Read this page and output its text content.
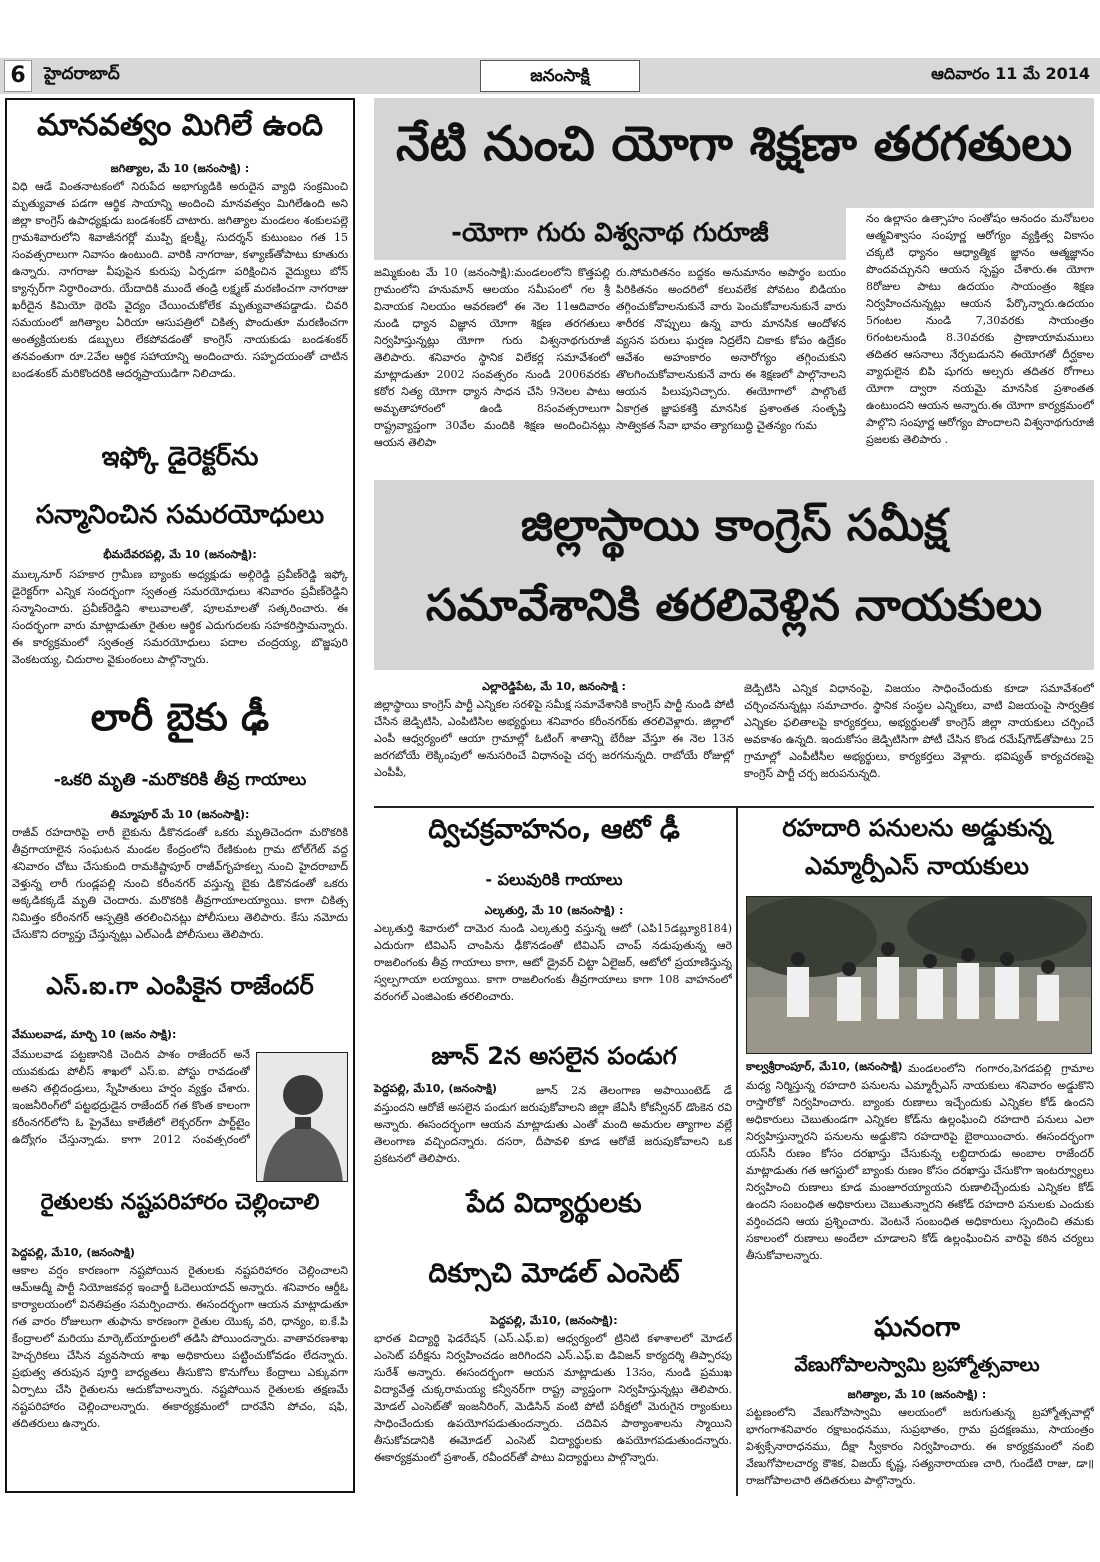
6	హైదరాబాద్	జనంసాక్షి	ఆదివారం 11 మే 2014
మానవత్వం మిగిలే ఉంది
జగిత్యాల, మే 10 (జనంసాక్షి) :
విధి ఆడే వింతనాటకంలో నిరుపేద అభాగ్యుడికి అరుదైన వ్యాధి సంక్రమించి మృత్యువాత పడగా ఆర్థిక సాయాన్ని అందించి మానవత్వం మిగిలేఉంది అని జిల్లా కాంగ్రెస్ ఉపాధ్యక్షుడు బండశంకర్ చాటారు. జగిత్యాల మండలం శంకులపల్లె గ్రామశివారులోని శివాజీనగర్లో ముప్పి క్షలక్ష్మీ, సుదర్శన్ కుటుంబం గత 15 సంవత్సరాలుగా నివాసం ఉంటుంది. వారికి నాగరాజు, కళ్యాణ్‌తోపాటు కూతురు ఉన్నారు. నాగరాజు వీపుపైన కురుపు ఏర్పడగా పరిక్షించిన వైద్యులు బోన్ క్యాన్సర్‌గా నిర్ధారించారు. యేదాదికి ముందే తండ్రి లక్ష్మణ్ మరణించగా నాగరాజు ఖరీదైన కిమియో థెరపి వైద్యం చేయించుకోలేక మృత్యువాతపడ్డాడు. చివరి సమయంలో జగిత్యాల ఏరియా ఆసుపత్రిలో చికిత్స పొందుతూ మరణించగా అంత్యక్రియలకు డబ్బులు లేకపోవడంతో కాంగ్రెస్ నాయకుడు బండశంకర్ తనవంతుగా రూ.2వేల ఆర్థిక సహాయాన్ని అందించారు. సహృదయంతో చాటిన బండశంకర్ మరికొందరికి ఆదర్శప్రాయుడిగా నిలిచాడు.
ఇఫ్కో డైరెక్టర్‌ను
సన్మానించిన సమరయోధులు
భీమదేవరపల్లి, మే 10 (జనంసాక్షి):
ముల్కనూర్ సహకార గ్రామీణ బ్యాంకు అధ్యక్షుడు అల్గిరెడ్డి ప్రవీణ్‌రెడ్డి ఇఫ్కో డైరెక్టర్‌గా ఎన్నిక సందర్భంగా స్వతంత్ర సమరయోధులు శనివారం ప్రవీణ్‌రెడ్డిని సన్మానించారు. ప్రవీణ్‌రెడ్డిని శాలువాలతో, పూలమాలతో సత్కరించారు. ఈ సందర్భంగా వారు మాట్లాడుతూ రైతుల ఆర్థిక ఎదుగుదలకు సహకరిస్తామన్నారు. ఈ కార్యక్రమంలో స్వతంత్ర సమరయోధులు పదాల చంద్రయ్య, బొజ్జపురి వెంకటయ్య, చిదురాల వైకుంఠంలు పాల్గొన్నారు.
లారీ బైకు ఢీ
-ఒకరి మృతి -మరొకరికి తీవ్ర గాయాలు
తిమ్మాపూర్ మే 10 (జనంసాక్షి):
రాజీవ్ రహదారిపై లారీ బైకును డీకొనడంతో ఒకరు మృతిచెందగా మరొకరికి తీవ్రగాయాలైన సంఘటన మండల కేంద్రంలోని రేణికుంట గ్రామ టోల్‌గేట్ వద్ద శనివారం చోటు చేసుకుంది రామకిష్టాపూర్ రాజీవ్‌గృహకల్ప నుంచి హైదరాబాద్ వెళ్తున్న లారీ గుండ్లపల్లి నుంచి కరీంనగర్ వస్తున్న బైకు డికొనడంతో ఒకరు అక్కడికక్కడే మృతి చెందారు. మరొకరికి తీవ్రగాయాలయ్యాయి. కాగా చికిత్స నిమిత్తం కరీంనగర్ ఆస్పత్రికి తరలించినట్లు పోలీసులు తెలిపారు. కేసు నమోదు చేసుకొని దర్యాప్తు చేస్తున్నట్లు ఎల్ఎండీ పోలీసులు తెలిపారు.
ఎస్.ఐ.గా ఎంపికైన రాజేందర్
వేములవాడ, మార్చి 10 (జనం సాక్షి):
వేములవాడ పట్టణానికి చెందిన పాశం రాజేందర్ అనే యువకుడు పోలీస్ శాఖలో ఎస్.ఐ. పోస్టు రావడంతో అతని తల్లిదండ్రులు, స్నేహితులు హర్షం వ్యక్తం చేశారు. ఇంజనీరింగ్‌లో పట్టభద్రుడైన రాజేందర్ గత కొంత కాలంగా కరీంనగర్‌లోని ఓ ప్రైవేటు కాలేజీలో లెక్చరర్‌గా పార్ట్‌టైం ఉద్యోగం చేస్తున్నాడు. కాగా 2012 సంవత్సరంలో
రైతులకు నష్టపరిహారం చెల్లించాలి
పెద్దపల్లి, మే10, (జనంసాక్షి)
ఆకాల వర్షం కారణంగా నష్టపోయిన రైతులకు నష్టపరిహారం చెల్లించాలని ఆమ్‌ఆద్మీ పార్టీ నియోజకవర్గ ఇంచార్జీ ఓదెలుయాదవ్ అన్నారు. శనివారం ఆర్డీఓ కార్యాలయంలో వినతిపత్రం సమర్పించారు. ఈసందర్భంగా ఆయన మాట్లాడుతూ గత వారం రోజులుగా తుఫాను కారణంగా రైతుల యొక్క వరి, ధాన్యం, ఐ.కే.పి కేంద్రాలలో మరియు మార్కెట్‌యార్డులలో తడిసి పోయిందన్నారు. వాతావరణశాఖ హెచ్చరికలు చేసిన వ్యవసాయ శాఖ అధికారులు పట్టించుకోవడం లేదన్నారు. ప్రభుత్వ తరుపున పూర్తి బాధ్యతలు తీసుకొని కొనుగోలు కేంద్రాలు ఎక్కువగా ఏర్పాటు చేసి రైతులను ఆదుకోవాలన్నారు. నష్టపోయిన రైతులకు తక్షణమే నష్టపరిహారం చెల్లించాలన్నారు. ఈకార్యక్రమంలో దారవేని పోచం, షఫి, తదితరులు ఉన్నారు.
నేటి నుంచి యోగా శిక్షణా తరగతులు
-యోగా గురు విశ్వనాథ గురూజీ
జమ్మికుంట మే 10 (జనంసాక్షి):మండలంలోని కొత్తపల్లి గ్రామంలోని హనుమాన్ ఆలయం సమీపంలో గల శ్రీ వినాయక నిలయం ఆవరణలో ఈ నెల 11ఆదివారం నుండి ధ్యాన విజ్ఞాన యోగా శిక్షణ తరగతులు నిర్వహిస్తున్నట్లు యోగా గురు విశ్వనాథగురూజీ తెలిపారు. శనివారం స్థానిక విలేకర్ల సమావేశంలో మాట్లాడుతూ 2002 సంవత్సరం నుండి 2006వరకు కఠోర నిత్య యోగా ధ్యాన సాధన చేసి 9నెలల పాటు అమృతాహారంలో ఉండి 8సంవత్సరాలుగా రాష్ట్రవ్యాప్తంగా 30వేల మందికి శిక్షణ అందించినట్లు ఆయన తెలిపా
రు.సోమరితనం బద్దకం అనుమానం అపార్థం బయం పిరికితనం అందరిలో కలువలేక పోవటం బిడియం తగ్గించుకోవాలనుకునే వారు పెంచుకోవాలనుకునే వారు శారీరక నొప్పులు ఉన్న వారు మానసిక ఆందోళన వ్యసన పరులు ఘర్షణ నిద్రలేని చికాకు కోపం ఉద్రేకం ఆవేశం అహంకారం అనారోగ్యం తగ్గించుకుని తొలగించుకోవాలనుకునే వారు ఈ శిక్షణలో పాల్గొనాలని ఆయన పిలుపునిచ్చారు. ఈయోగాలో పాల్గొంటే ఏకాగ్రత జ్ఞాపకశక్తి మానసిక ప్రశాంతత సంతృప్తి సాత్వికత సేవా భావం త్యాగబుద్ధి చైతన్యం గుమ
నం ఉల్లాసం ఉత్సాహం సంతోషం ఆనందం మనోబలం ఆత్మవిశ్వాసం సంపూర్ణ ఆరోగ్యం వ్యక్తిత్వ వికాసం చక్కటి ధ్యానం ఆధ్యాత్మిక జ్ఞానం ఆత్మజ్ఞానం పొందవచ్చునని ఆయన స్పష్టం చేశారు.ఈ యోగా 8రోజుల పాటు ఉదయం సాయంత్రం శిక్షణ నిర్వహించనున్నట్లు ఆయన పేర్కొన్నారు.ఉదయం 5గంటల నుండి 7,30వరకు సాయంత్రం 6గంటలనుండి 8.30వరకు ప్రాణాయామములు తదితర ఆసనాలు నేర్పబడునని ఈయోగతో దీర్ఘకాల వ్యాధులైన బిపి షుగరు అల్సరు తదితర రోగాలు యోగా ద్వారా నయమై మానసిక ప్రశాంతత ఉంటుందని ఆయన అన్నారు.ఈ యోగా కార్యక్రమంలో పాల్గొని సంపూర్ణ ఆరోగ్యం పొందాలని విశ్వనాథగురూజీ ప్రజలకు తెలిపారు .
జిల్లాస్థాయి కాంగ్రెస్ సమీక్ష
సమావేశానికి తరలివెళ్లిన నాయకులు
ఎల్లారెడ్డిపేట, మే 10, జనంసాక్షి :
జిల్లాస్థాయి కాంగ్రెస్ పార్టీ ఎన్నికల సరళిపై సమీక్ష సమావేశానికి కాంగ్రెస్ పార్టీ నుండి పోటీ చేసిన జెడ్పిటిసి, ఎంపిటిసిల అభ్యర్థులు శనివారం కరీంనగర్‌కు తరలివెళ్లారు. జిల్లాలో ఎంపీ ఆధ్వర్యంలో ఆయా గ్రామాల్లో ఓటింగ్ శాతాన్ని బేరీజు వేస్తూ ఈ నెల 13న జరగబోయే లెక్కింపులో అనుసరించే విధానంపై చర్చ జరగనున్నది. రాబోయే రోజుల్లో ఎంపీపీ,
జెడ్పిటిసి ఎన్నిక విధానంపై, విజయం సాధించేందుకు కూడా సమావేశంలో చర్చించనున్నట్లు సమాచారం. స్థానిక సంస్థల ఎన్నికలు, వాటి విజయంపై సార్వత్రిక ఎన్నికల ఫలితాలపై కార్యకర్తలు, అభ్యర్థులతో కాంగ్రెస్ జిల్లా నాయకులు చర్చించే అవకాశం ఉన్నది. ఇందుకోసం జెడ్పిటిసిగా పోటీ చేసిన కొండ రమేష్‌గౌడ్‌తోపాటు 25 గ్రామాల్లో ఎంపీటీసీల అభ్యర్థులు, కార్యకర్తలు వెళ్లారు. భవిష్యత్ కార్యచరణపై కాంగ్రెస్ పార్టీ చర్చ జరుపనున్నది.
ద్విచక్రవాహనం, ఆటో ఢీ
- పలువురికి గాయాలు
ఎల్కతుర్తి, మే 10 (జనంసాక్షి) :
ఎల్కతుర్తి శివారులో దామెర నుండి ఎల్కతుర్తి వస్తున్న ఆటో (ఎపి15డబ్ల్యూ8184) ఎదురుగా టివిఎస్ చాంపిను ఢీకొనడంతో టివిఎస్ చాంప్ నడుపుతున్న ఆరె రాజలింగంకు తీవ్ర గాయాలు కాగా, ఆటో డ్రైవర్ చిట్టా ఏలైజర్, ఆటోలో ప్రయాణిస్తున్న స్వల్పగాయా లయ్యాయి. కాగా రాజలింగంకు తీవ్రగాయాలు కాగా 108 వాహనంలో వరంగల్ ఎంజిఎంకు తరలించారు.
జూన్ 2న అసలైన పండుగ
పెద్దపల్లి, మే10, (జనంసాక్షి)	జూన్ 2న తెలంగాణ అపాయింటెడ్ డే వస్తుందని ఆరోజే అసలైన పండుగ జరుపుకోవాలని జిల్లా జేఏసీ కోకన్వీనర్ డొంకెన రవి అన్నారు. ఈసందర్భంగా ఆయన మాట్లాడుతు ఎంతో మంది అమరుల త్యాగాల వల్లే తెలంగాణ వచ్చిందన్నారు. దసరా, దీపావళి కూడ ఆరోజే జరుపుకోవాలని ఒక ప్రకటనలో తెలిపారు.
పేద విద్యార్థులకు
దిక్సూచి మోడల్ ఎంసెట్
పెద్దపల్లి, మే10, (జనంసాక్షి):
భారత విద్యార్థి ఫెడరేషన్ (ఎస్.ఎఫ్.ఐ) ఆధ్వర్యంలో ట్రినిటి కళాశాలలో మోడల్ ఎంసెట్ పరీక్షను నిర్వహించడం జరిగిందని ఎస్.ఎఫ్.ఐ డివిజన్ కార్యదర్శి తిప్పారపు సురేశ్ అన్నారు. ఈసందర్భంగా ఆయన మాట్లాడుతు 13సం, నుండి ప్రముఖ విద్యావేత్త చుక్కరామయ్య కన్వీనర్‌గా రాష్ట్ర వ్యాప్తంగా నిర్వహిస్తున్నట్లు తెలిపారు. మోడల్ ఎంసెట్‌తో ఇంజనీరింగ్, మెడిసిన్ వంటి పోటీ పరీక్షలో మెరుగైన ర్యాంకులు సాధించేందుకు ఉపయోగపడుతుందన్నారు. చదివిన పాఠ్యాంశాలను స్మాయిని తీసుకోవడానికి ఈమోడల్ ఎంసెట్ విద్యార్థులకు ఉపయోగపడుతుందన్నారు. ఈకార్యక్రమంలో ప్రశాంత్, రవీందర్‌తో పాటు విద్యార్థులు పాల్గొన్నారు.
రహదారి పనులను అడ్డుకున్న
ఎమ్మార్పీఎస్ నాయకులు
కాల్వశ్రీరాంపూర్, మే10, (జనంసాక్షి) మండలంలోని గంగారం,పెగడపల్లి గ్రామాల మధ్య నిర్మిస్తున్న రహదారి పనులను ఎమ్మార్పీఎస్ నాయకులు శనివారం అడ్డుకొని రాస్తారోకో నిర్వహించారు. బ్యాంకు రుణాలు ఇచ్చేందుకు ఎన్నికల కోడ్ ఉందని అధికారులు చెబుతుండగా ఎన్నికల కోడ్‌ను ఉల్లంఘించి రహదారి పనులు ఎలా నిర్వహిస్తున్నారని పనులను అడ్డుకొని రహదారిపై బైఠాయించారు. ఈసందర్భంగా యస్‌సీ రుణం కోసం దరఖాస్తు చేసుకున్న లబ్ధిదారుడు అంబాల రాజేందర్ మాట్లాడుతు గత ఆగస్టులో బ్యాంకు రుణం కోసం దరఖాస్తు చేసుకొగా ఇంటర్వ్యూలు నిర్వహించి రుణాలు కూడ మంజూరయ్యాయని రుణాలిచ్చేందుకు ఎన్నికల కోడ్ ఉందని సంబంధిత అధికారులు చెబుతున్నారని ఈకోడ్ రహదారి పనులకు ఎందుకు వర్తించదని ఆయ ప్రశ్నించారు. వెంటనే సంబంధిత అధికారులు స్పందించి తమకు సకాలంలో రుణాలు అందేలా చూడాలని కోడ్ ఉల్లంఘించిన వారిపై కఠిన చర్యలు తీసుకోవాలన్నారు.
ఘనంగా
వేణుగోపాలస్వామి బ్రహ్మోత్సవాలు
జగిత్యాల, మే 10 (జనంసాక్షి) :
పట్టణంలోని వేణుగోపాస్వామి ఆలయంలో జరుగుతున్న బ్రహ్మోత్సవాల్లో భాగంగాశనివారం రక్షాబంధనము, సుప్రభాతం, గ్రామ ప్రదక్షణము, సాయంత్రం విశ్వక్సేనారాధనము, దీక్షా స్వీకారం నిర్వహించారు. ఈ కార్యక్రమంలో నంబి వేణుగోపాలచార్య కౌశిక, విజయ్ కృష్ణ, సత్యనారాయణ చారి, గుండేటి రాజు, డా॥ రాజగోపాలచారి తదితరులు పాల్గొన్నారు.
